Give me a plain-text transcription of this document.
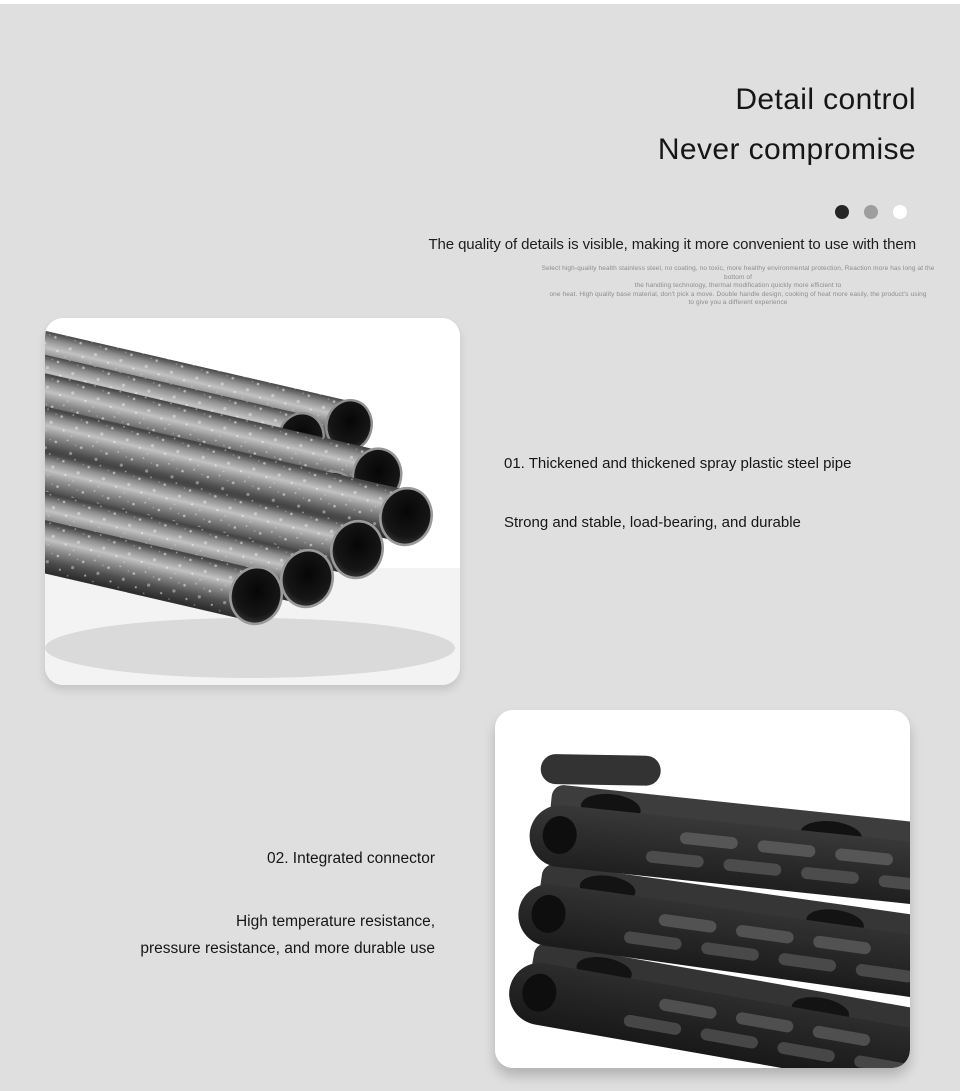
Detail control
Never compromise
The quality of details is visible, making it more convenient to use with them
Select high-quality health stainless steel, no coating, no toxic, more healthy environmental protection, Reaction more has long at the bottom of
the handling technology, thermal modification quickly more efficient to
one heat. High quality base material, don't pick a move. Double handle design, cooking of heat more easily, the product's using
to give you a different experience

01. Thickened and thickened spray plastic steel pipe

Strong and stable, load-bearing, and durable

02. Integrated connector

High temperature resistance,
pressure resistance, and more durable use
